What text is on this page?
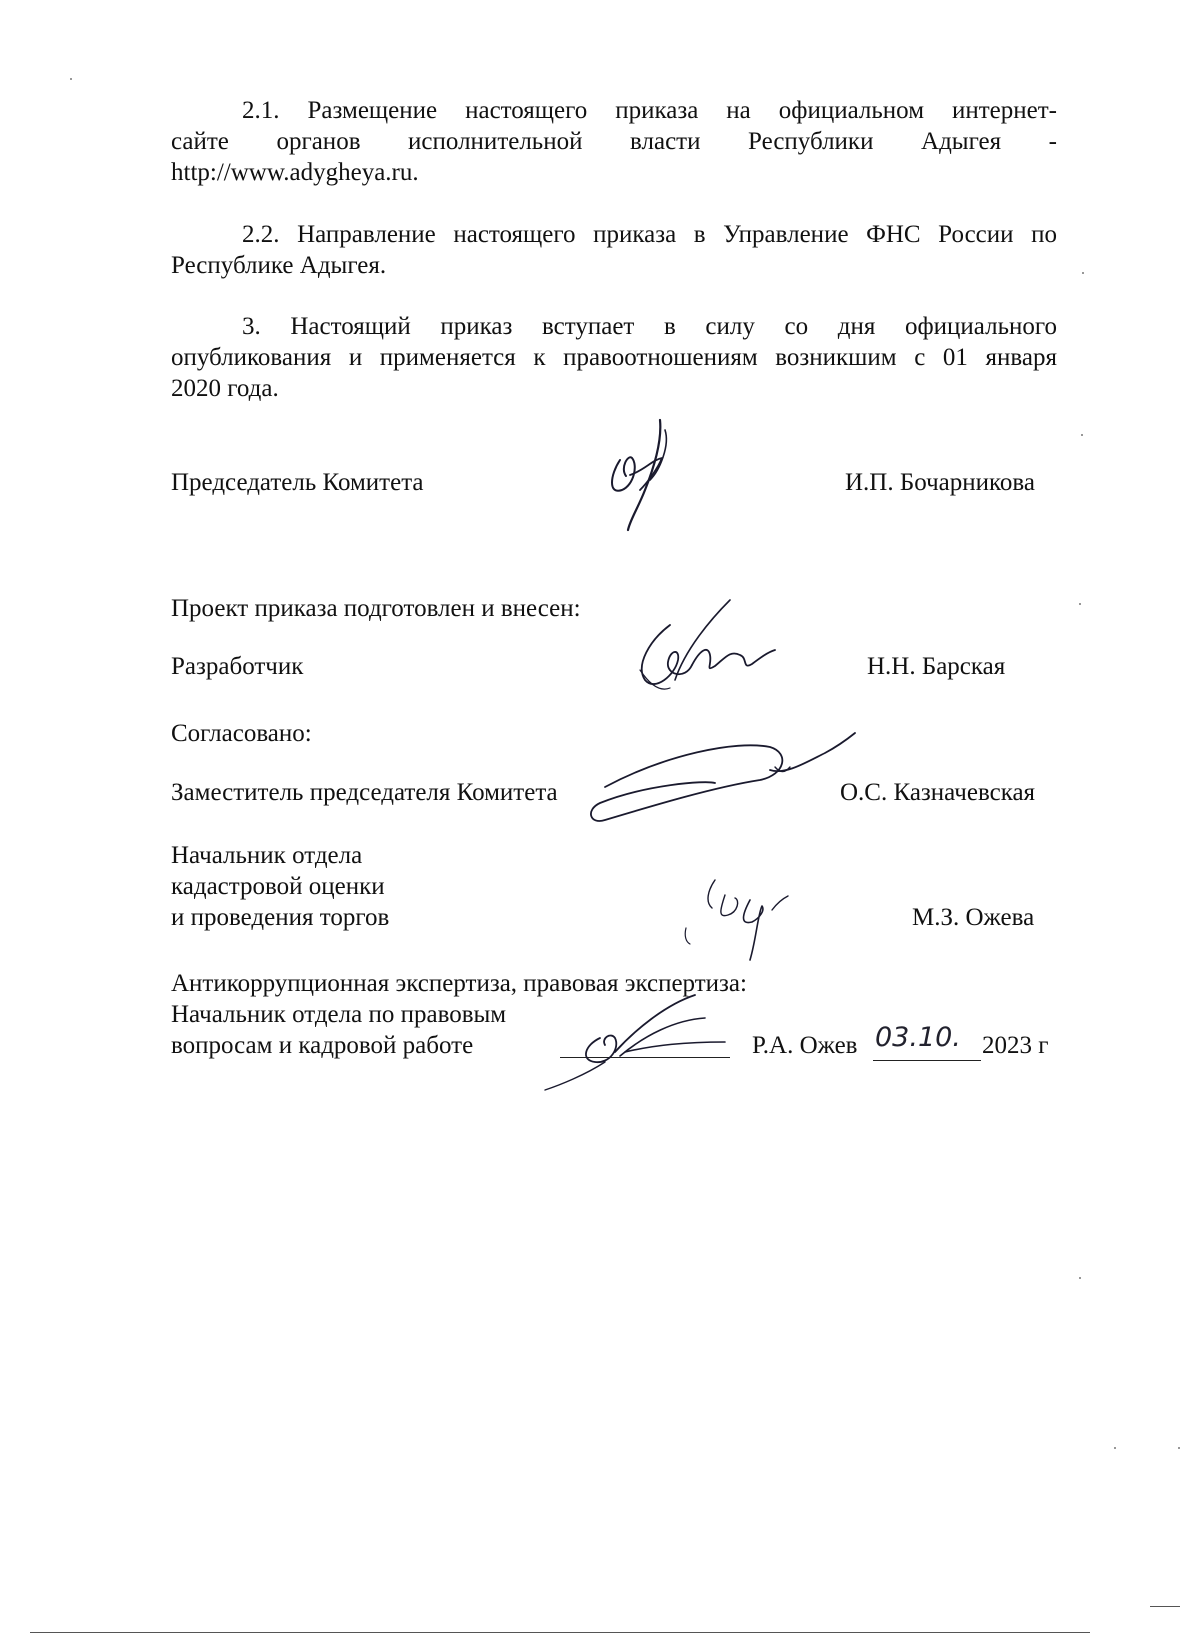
2.1. Размещение настоящего приказа на официальном интернет-
сайте органов исполнительной власти Республики Адыгея -
http://www.adygheya.ru.
2.2. Направление настоящего приказа в Управление ФНС России по
Республике Адыгея.
3. Настоящий приказ вступает в силу со дня официального
опубликования и применяется к правоотношениям возникшим с 01 января
2020 года.
Председатель Комитета	И.П. Бочарникова
Проект приказа подготовлен и внесен:
Разработчик	Н.Н. Барская
Согласовано:
Заместитель председателя Комитета	О.С. Казначевская
Начальник отдела
кадастровой оценки
и проведения торгов	М.З. Ожева
Антикоррупционная экспертиза, правовая экспертиза:
Начальник отдела по правовым
вопросам и кадровой работе	Р.А. Ожев 03.10. 2023 г
